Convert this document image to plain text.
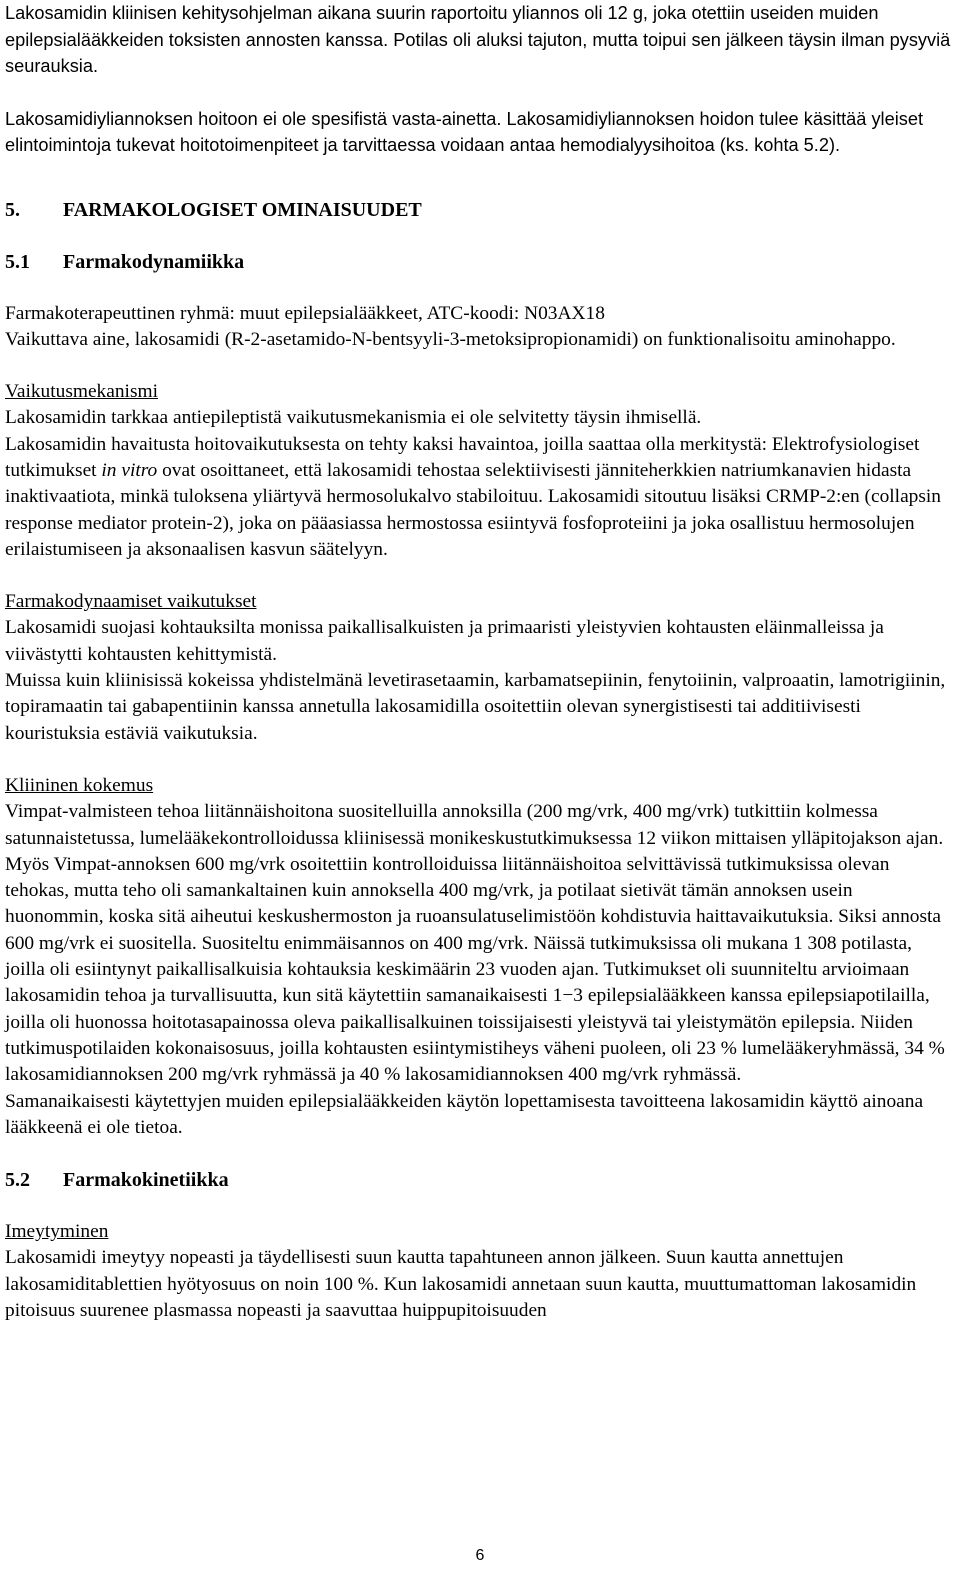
Lakosamidin kliinisen kehitysohjelman aikana suurin raportoitu yliannos oli 12 g, joka otettiin useiden muiden epilepsialääkkeiden toksisten annosten kanssa. Potilas oli aluksi tajuton, mutta toipui sen jälkeen täysin ilman pysyviä seurauksia.

Lakosamidiyliannoksen hoitoon ei ole spesifistä vasta-ainetta. Lakosamidiyliannoksen hoidon tulee käsittää yleiset elintoimintoja tukevat hoitotoimenpiteet ja tarvittaessa voidaan antaa hemodialyysihoitoa (ks. kohta 5.2).

5. FARMAKOLOGISET OMINAISUUDET
5.1 Farmakodynamiikka

Farmakoterapeuttinen ryhmä: muut epilepsialääkkeet, ATC-koodi: N03AX18

Vaikuttava aine, lakosamidi (R-2-asetamido-N-bentsyyli-3-metoksipropionamidi) on funktionalisoitu aminohappo.

Vaikutusmekanismi

Lakosamidin tarkkaa antiepileptistä vaikutusmekanismia ei ole selvitetty täysin ihmisellä.

Lakosamidin havaitusta hoitovaikutuksesta on tehty kaksi havaintoa, joilla saattaa olla merkitystä: Elektrofysiologiset tutkimukset in vitro ovat osoittaneet, että lakosamidi tehostaa selektiivisesti jänniteherkkien natriumkanavien hidasta inaktivaatiota, minkä tuloksena yliärtyvä hermosolukalvo stabiloituu. Lakosamidi sitoutuu lisäksi CRMP-2:en (collapsin response mediator protein-2), joka on pääasiassa hermostossa esiintyvä fosfoproteiini ja joka osallistuu hermosolujen erilaistumiseen ja aksonaalisen kasvun säätelyyn.

Farmakodynaamiset vaikutukset

Lakosamidi suojasi kohtauksilta monissa paikallisalkuisten ja primaaristi yleistyvien kohtausten eläinmalleissa ja viivästytti kohtausten kehittymistä.

Muissa kuin kliinisissä kokeissa yhdistelmänä levetirasetaamin, karbamatsepiinin, fenytoiinin, valproaatin, lamotrigiinin, topiramaatin tai gabapentiinin kanssa annetulla lakosamidilla osoitettiin olevan synergistisesti tai additiivisesti kouristuksia estäviä vaikutuksia.

Kliininen kokemus

Vimpat-valmisteen tehoa liitännäishoitona suositelluilla annoksilla (200 mg/vrk, 400 mg/vrk) tutkittiin kolmessa satunnaistetussa, lumelääkekontrolloidussa kliinisessä monikeskustutkimuksessa 12 viikon mittaisen ylläpitojakson ajan. Myös Vimpat-annoksen 600 mg/vrk osoitettiin kontrolloiduissa liitännäishoitoa selvittävissä tutkimuksissa olevan tehokas, mutta teho oli samankaltainen kuin annoksella 400 mg/vrk, ja potilaat sietivät tämän annoksen usein huonommin, koska sitä aiheutui keskushermoston ja ruoansulatuselimistöön kohdistuvia haittavaikutuksia. Siksi annosta 600 mg/vrk ei suositella. Suositeltu enimmäisannos on 400 mg/vrk. Näissä tutkimuksissa oli mukana 1 308 potilasta, joilla oli esiintynyt paikallisalkuisia kohtauksia keskimäärin 23 vuoden ajan. Tutkimukset oli suunniteltu arvioimaan lakosamidin tehoa ja turvallisuutta, kun sitä käytettiin samanaikaisesti 1−3 epilepsialääkkeen kanssa epilepsiapotilailla, joilla oli huonossa hoitotasapainossa oleva paikallisalkuinen toissijaisesti yleistyvä tai yleistymätön epilepsia. Niiden tutkimuspotilaiden kokonaisosuus, joilla kohtausten esiintymistiheys väheni puoleen, oli 23 % lumelääkeryhmässä, 34 % lakosamidiannoksen 200 mg/vrk ryhmässä ja 40 % lakosamidiannoksen 400 mg/vrk ryhmässä.

Samanaikaisesti käytettyjen muiden epilepsialääkkeiden käytön lopettamisesta tavoitteena lakosamidin käyttö ainoana lääkkeenä ei ole tietoa.

5.2 Farmakokinetiikka

Imeytyminen

Lakosamidi imeytyy nopeasti ja täydellisesti suun kautta tapahtuneen annon jälkeen. Suun kautta annettujen lakosamiditablettien hyötyosuus on noin 100 %. Kun lakosamidi annetaan suun kautta, muuttumattoman lakosamidin pitoisuus suurenee plasmassa nopeasti ja saavuttaa huippupitoisuuden

6
